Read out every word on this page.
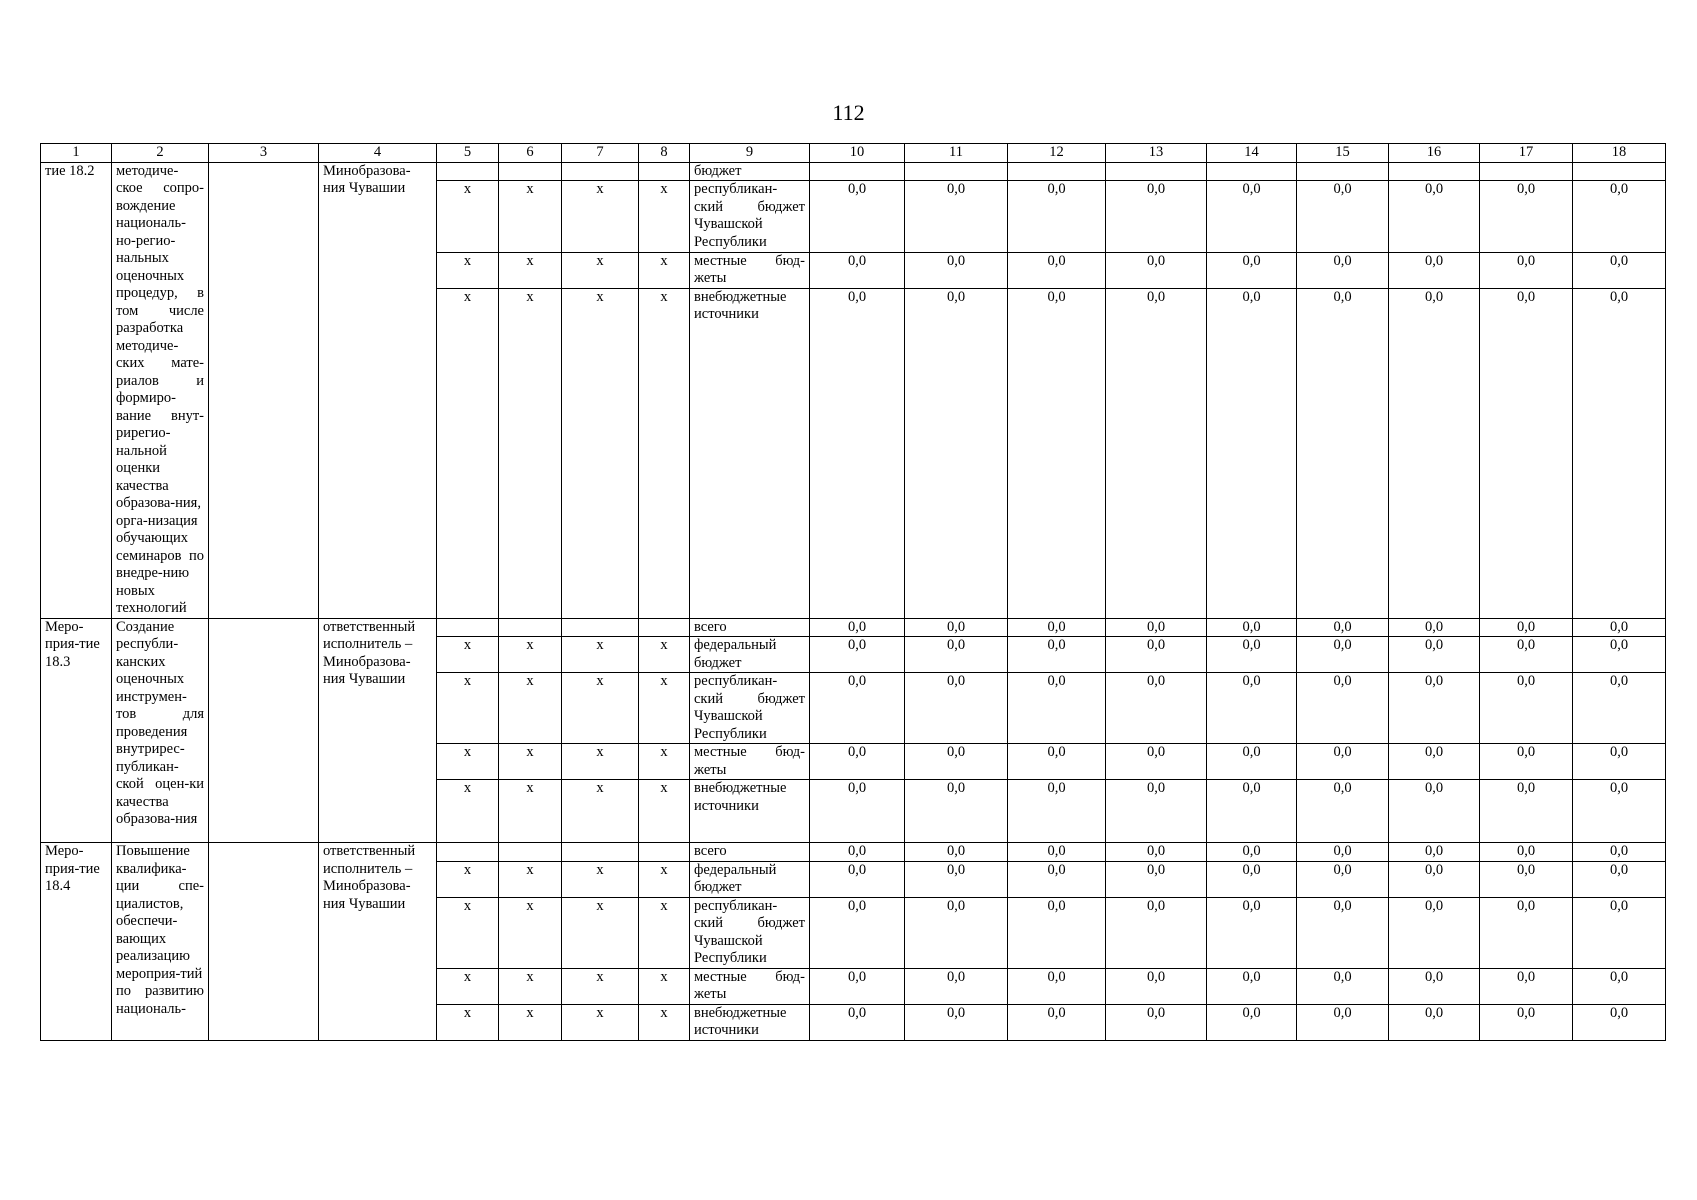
112
1	2	3	4	5	6	7	8	9	10	11	12	13	14	15	16	17	18
тие 18.2	методиче-ское сопро-вождение националь-но-регио-нальных оценочных процедур, в том числе разработка методиче-ских мате-риалов и формиро-вание внут-рирегио-нальной оценки качества образова-ния, орга-низация обучающих семинаров по внедре-нию новых технологий		Минобразова-ния Чувашии					бюджет									
				х	х	х	х	республикан-ский бюджет Чувашской Республики	0,0	0,0	0,0	0,0	0,0	0,0	0,0	0,0	0,0
				х	х	х	х	местные бюд-жеты	0,0	0,0	0,0	0,0	0,0	0,0	0,0	0,0	0,0
				х	х	х	х	внебюджетные источники	0,0	0,0	0,0	0,0	0,0	0,0	0,0	0,0	0,0
Меро-прия-тие 18.3	Создание республи-канских оценочных инструмен-тов для проведения внутрирес-публикан-ской оцен-ки качества образова-ния		ответственный исполнитель – Минобразова-ния Чувашии					всего	0,0	0,0	0,0	0,0	0,0	0,0	0,0	0,0	0,0
				х	х	х	х	федеральный бюджет	0,0	0,0	0,0	0,0	0,0	0,0	0,0	0,0	0,0
				х	х	х	х	республикан-ский бюджет Чувашской Республики	0,0	0,0	0,0	0,0	0,0	0,0	0,0	0,0	0,0
				х	х	х	х	местные бюд-жеты	0,0	0,0	0,0	0,0	0,0	0,0	0,0	0,0	0,0
				х	х	х	х	внебюджетные источники	0,0	0,0	0,0	0,0	0,0	0,0	0,0	0,0	0,0
Меро-прия-тие 18.4	Повышение квалифика-ции спе-циалистов, обеспечи-вающих реализацию мероприя-тий по развитию националь-		ответственный исполнитель – Минобразова-ния Чувашии					всего	0,0	0,0	0,0	0,0	0,0	0,0	0,0	0,0	0,0
				х	х	х	х	федеральный бюджет	0,0	0,0	0,0	0,0	0,0	0,0	0,0	0,0	0,0
				х	х	х	х	республикан-ский бюджет Чувашской Республики	0,0	0,0	0,0	0,0	0,0	0,0	0,0	0,0	0,0
				х	х	х	х	местные бюд-жеты	0,0	0,0	0,0	0,0	0,0	0,0	0,0	0,0	0,0
				х	х	х	х	внебюджетные источники	0,0	0,0	0,0	0,0	0,0	0,0	0,0	0,0	0,0
